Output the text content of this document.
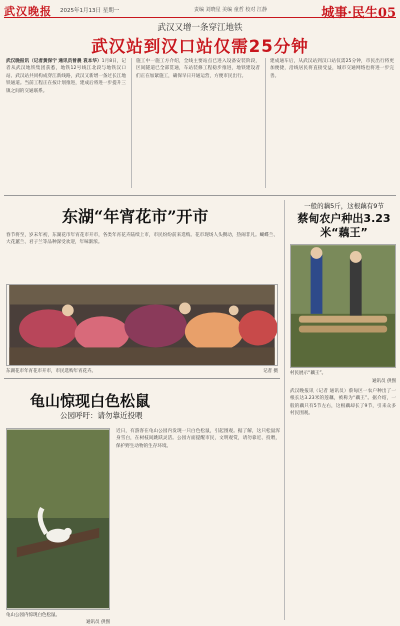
武汉晚报 2025年1月13日 星期一	责编 刘晓星 美编 童哲 校对 江静	城事·民生05
武汉又增一条穿江地铁
武汉站到汉口站仅需25分钟
武汉晚报讯（记者黄保宁 通讯员曾晨 袁本华）1月8日，记者从武汉地铁集团获悉，地铁12号线江北段与地铁汉口站、武汉站共同构成穿江新线路，武汉又新增一条过长江地铁通道。当前工程正在按计划推进，建成后将进一步提升三镇之间的交通联系。
施工中一施工方介绍，全线主要站点已进入设备安装阶段，区间隧道已全部贯通，车站装修工程稳步推进，地铁建设者们正在加紧施工，确保早日开通运营，方便市民出行。
建成通车后，从武汉站到汉口站仅需25分钟，市民出行将更加便捷，沿线居民将直接受益，城市交通网络也将进一步完善。
东湖“年宵花市”开市
春节将至，岁末年初，东湖花市年宵花市开市，各类年宵花卉陆续上市，市民纷纷前来选购。花市现场人头攒动，热闹非凡。蝴蝶兰、大花蕙兰、君子兰等品种深受欢迎，年味渐浓。
东湖花市年宵花市开市，市民选购年宵花卉。	记者 摄
一般的藕5斤，这根藕有9节
蔡甸农户种出3.23米“藕王”
村民展示“藕王”。
通讯员 供图
武汉晚报讯（记者 通讯员）蔡甸区一农户种出了一根长达3.23米的莲藕，被称为“藕王”。据介绍，一般的藕只有5节左右，这根藕却长了9节，引来众多村民围观。
龟山惊现白色松鼠
公园呼吁：请勿靠近投喂
龟山公园内惊现白色松鼠。
通讯员 供图
近日，有游客在龟山公园内发现一只白色松鼠，引起围观。据了解，这只松鼠浑身雪白，在树枝间跳跃灵活。公园方面提醒市民，文明观赏，请勿靠近、投喂，保护野生动物的生存环境。
